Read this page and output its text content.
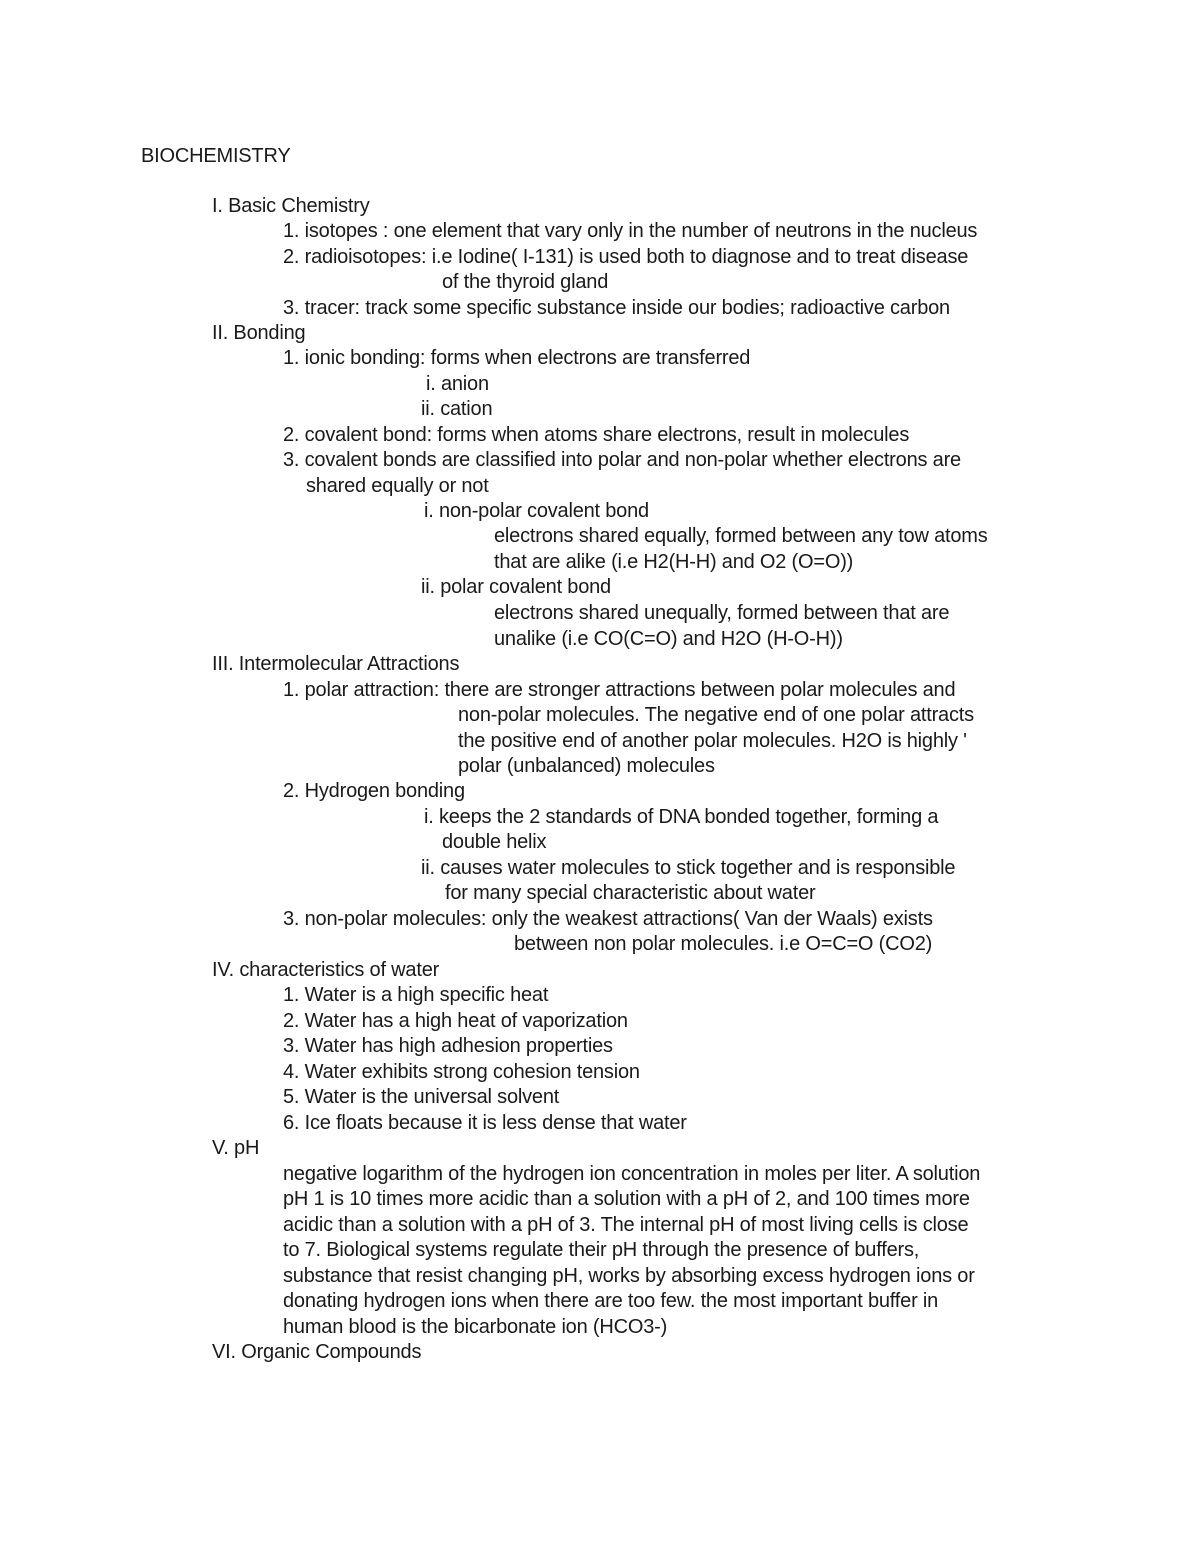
BIOCHEMISTRY
I. Basic Chemistry
1. isotopes : one element that vary only in the number of neutrons in the nucleus
2. radioisotopes: i.e Iodine( I-131) is used both to diagnose and to treat disease
of the thyroid gland
3. tracer: track some specific substance inside our bodies; radioactive carbon
II. Bonding
1. ionic bonding: forms when electrons are transferred
i. anion
ii. cation
2. covalent bond: forms when atoms share electrons, result in molecules
3. covalent bonds are classified into polar and non-polar whether electrons are
shared equally or not
i. non-polar covalent bond
electrons shared equally, formed between any tow atoms
that are alike (i.e H2(H-H) and O2 (O=O))
ii. polar covalent bond
electrons shared unequally, formed between that are
unalike (i.e CO(C=O) and H2O (H-O-H))
III. Intermolecular Attractions
1. polar attraction: there are stronger attractions between polar molecules and
non-polar molecules. The negative end of one polar attracts
the positive end of another polar molecules. H2O is highly '
polar (unbalanced) molecules
2. Hydrogen bonding
i. keeps the 2 standards of DNA bonded together, forming a
double helix
ii. causes water molecules to stick together and is responsible
for many special characteristic about water
3. non-polar molecules: only the weakest attractions( Van der Waals) exists
between non polar molecules. i.e O=C=O (CO2)
IV. characteristics of water
1. Water is a high specific heat
2. Water has a high heat of vaporization
3. Water has high adhesion properties
4. Water exhibits strong cohesion tension
5. Water is the universal solvent
6. Ice floats because it is less dense that water
V. pH
negative logarithm of the hydrogen ion concentration in moles per liter. A solution
pH 1 is 10 times more acidic than a solution with a pH of 2, and 100 times more
acidic than a solution with a pH of 3. The internal pH of most living cells is close
to 7. Biological systems regulate their pH through the presence of buffers,
substance that resist changing pH, works by absorbing excess hydrogen ions or
donating hydrogen ions when there are too few. the most important buffer in
human blood is the bicarbonate ion (HCO3-)
VI. Organic Compounds
